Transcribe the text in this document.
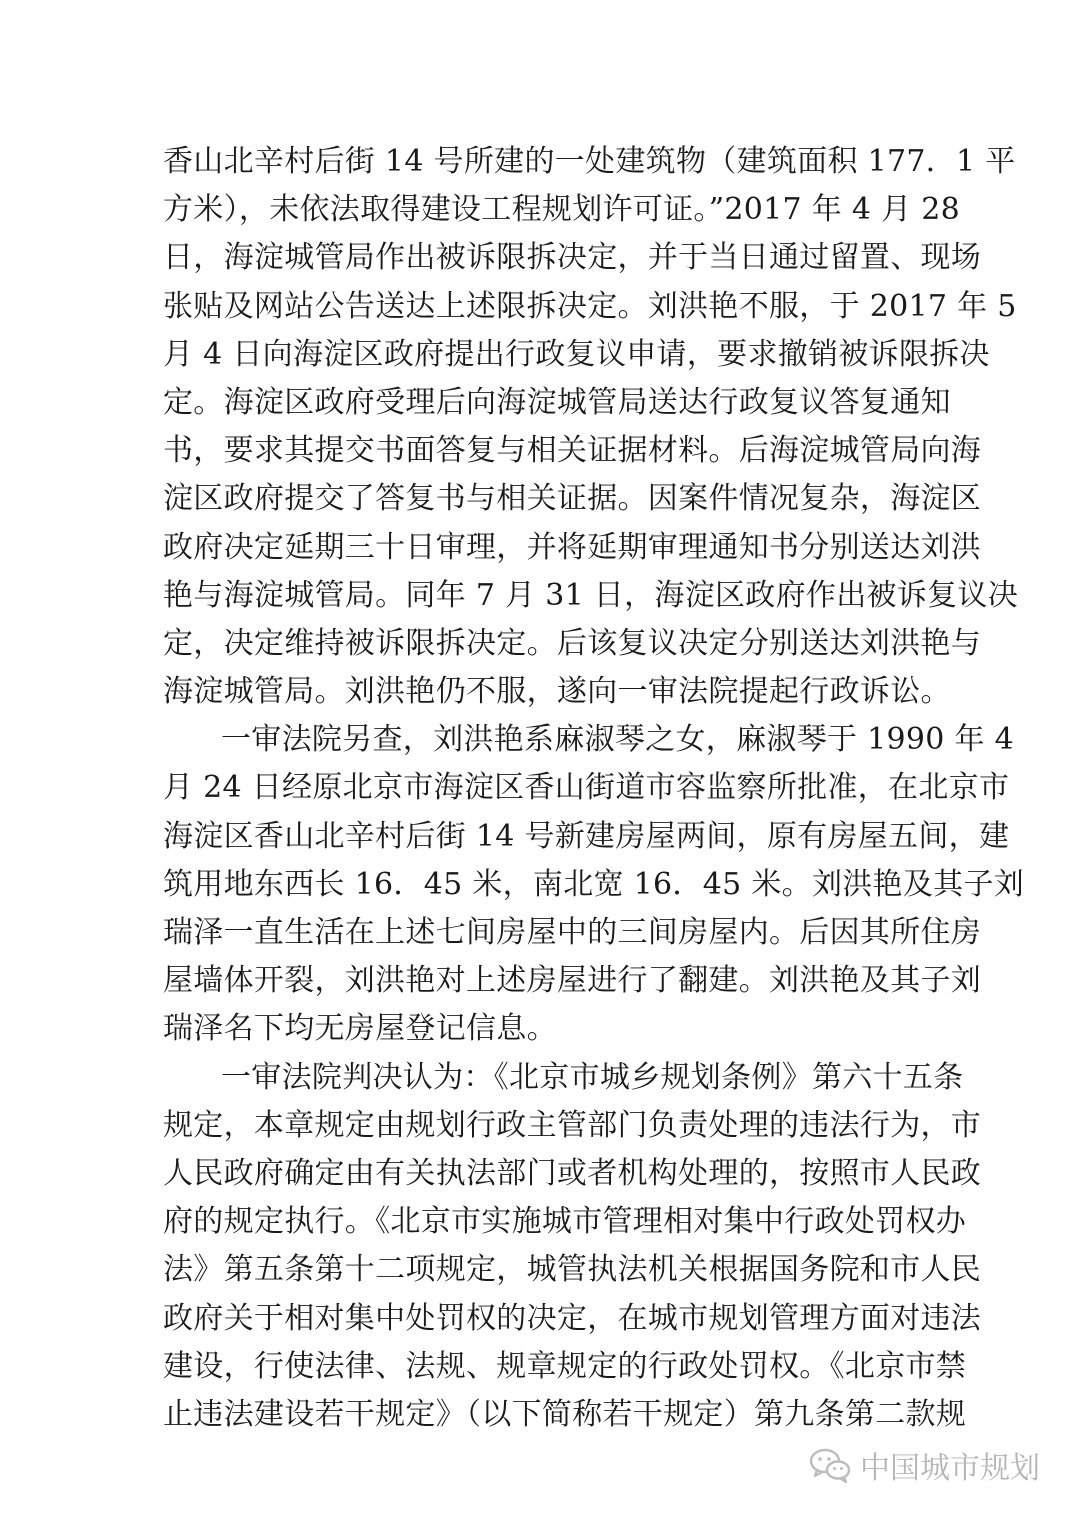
香山北辛村后街 14 号所建的一处建筑物（建筑面积 177．1 平
方米），未依法取得建设工程规划许可证。”2017 年 4 月 28
日，海淀城管局作出被诉限拆决定，并于当日通过留置、现场
张贴及网站公告送达上述限拆决定。刘洪艳不服，于 2017 年 5
月 4 日向海淀区政府提出行政复议申请，要求撤销被诉限拆决
定。海淀区政府受理后向海淀城管局送达行政复议答复通知
书，要求其提交书面答复与相关证据材料。后海淀城管局向海
淀区政府提交了答复书与相关证据。因案件情况复杂，海淀区
政府决定延期三十日审理，并将延期审理通知书分别送达刘洪
艳与海淀城管局。同年 7 月 31 日，海淀区政府作出被诉复议决
定，决定维持被诉限拆决定。后该复议决定分别送达刘洪艳与
海淀城管局。刘洪艳仍不服，遂向一审法院提起行政诉讼。
一审法院另查，刘洪艳系麻淑琴之女，麻淑琴于 1990 年 4
月 24 日经原北京市海淀区香山街道市容监察所批准，在北京市
海淀区香山北辛村后街 14 号新建房屋两间，原有房屋五间，建
筑用地东西长 16．45 米，南北宽 16．45 米。刘洪艳及其子刘
瑞泽一直生活在上述七间房屋中的三间房屋内。后因其所住房
屋墙体开裂，刘洪艳对上述房屋进行了翻建。刘洪艳及其子刘
瑞泽名下均无房屋登记信息。
一审法院判决认为：《北京市城乡规划条例》第六十五条
规定，本章规定由规划行政主管部门负责处理的违法行为，市
人民政府确定由有关执法部门或者机构处理的，按照市人民政
府的规定执行。《北京市实施城市管理相对集中行政处罚权办
法》第五条第十二项规定，城管执法机关根据国务院和市人民
政府关于相对集中处罚权的决定，在城市规划管理方面对违法
建设，行使法律、法规、规章规定的行政处罚权。《北京市禁
止违法建设若干规定》（以下简称若干规定）第九条第二款规
中国城市规划
